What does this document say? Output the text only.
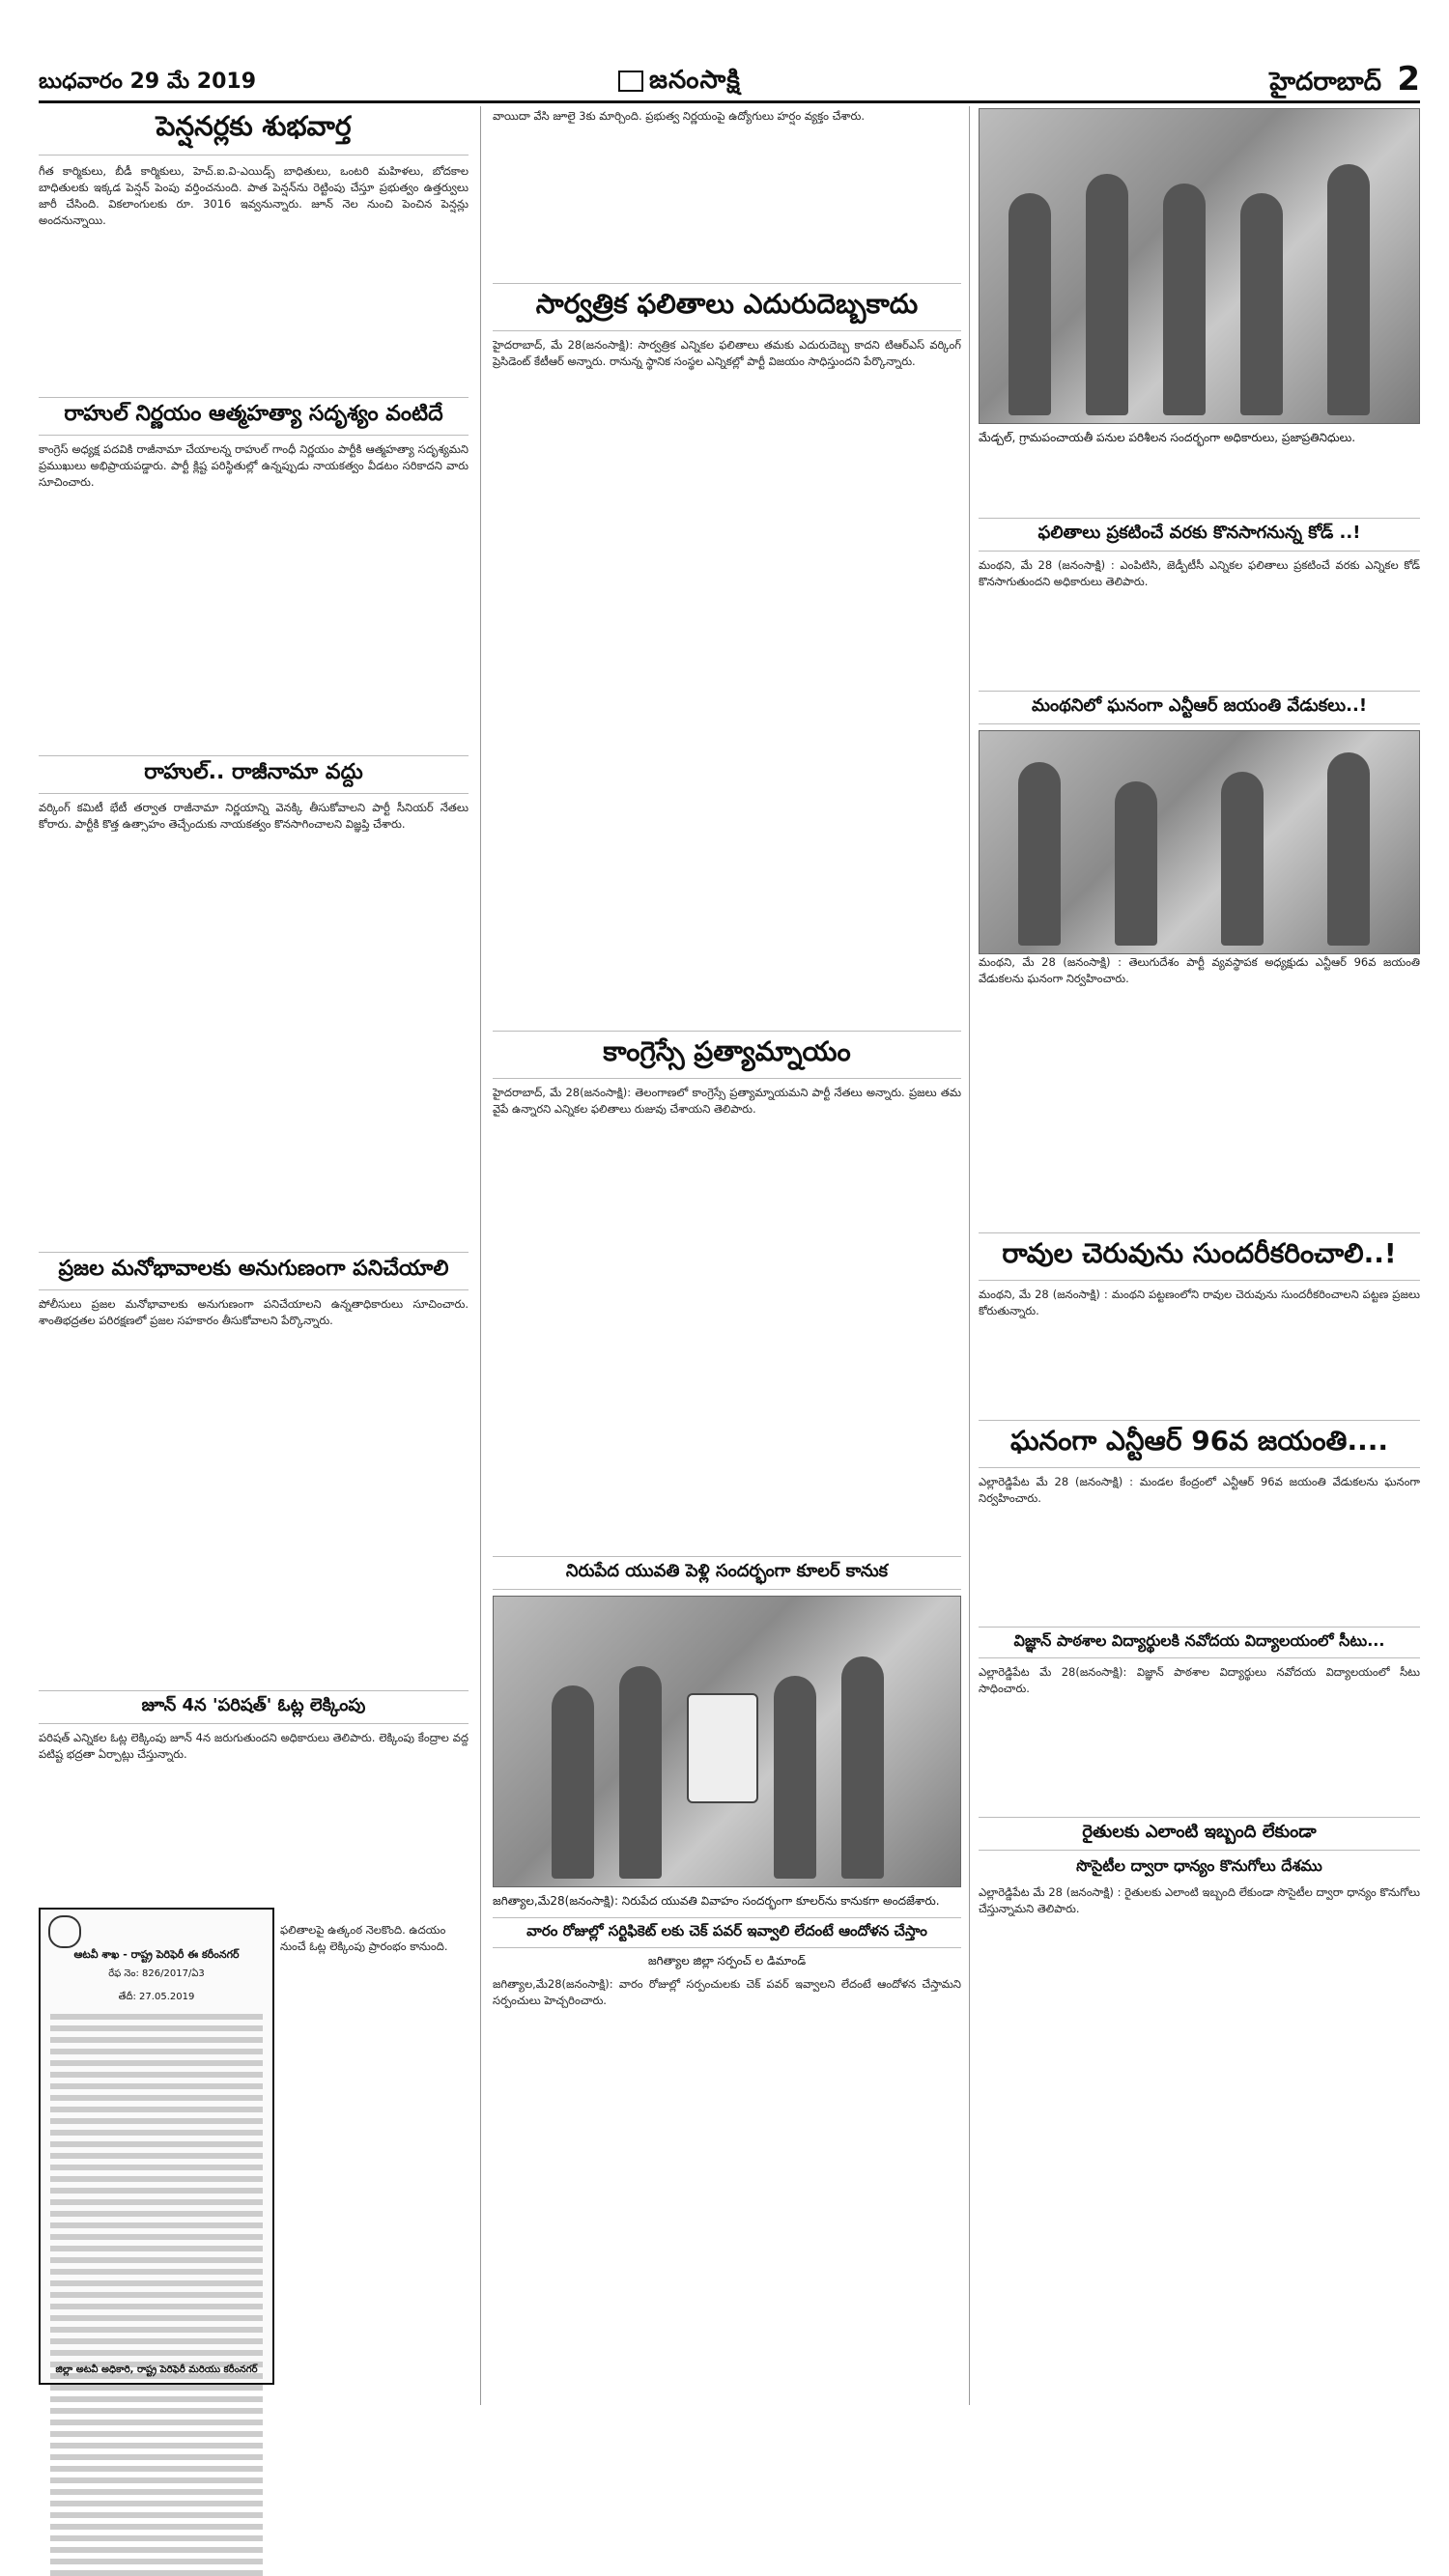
బుధవారం 29 మే 2019	జనంసాక్షి	హైదరాబాద్ 2
పెన్షనర్లకు శుభవార్త

గీత కార్మికులు, బీడీ కార్మికులు, హెచ్.ఐ.వి-ఎయిడ్స్ బాధితులు, ఒంటరి మహిళలు, బోదకాల బాధితులకు ఇక్కడ పెన్షన్ పెంపు వర్తించనుంది. పాత పెన్షన్‌ను రెట్టింపు చేస్తూ ప్రభుత్వం ఉత్తర్వులు జారీ చేసింది. వికలాంగులకు రూ. 3016 ఇవ్వనున్నారు. జూన్ నెల నుంచి పెంచిన పెన్షన్లు అందనున్నాయి.

రాహుల్ నిర్ణయం ఆత్మహత్యా సదృశ్యం వంటిదే

కాంగ్రెస్ అధ్యక్ష పదవికి రాజీనామా చేయాలన్న రాహుల్ గాంధీ నిర్ణయం పార్టీకి ఆత్మహత్యా సదృశ్యమని ప్రముఖులు అభిప్రాయపడ్డారు. పార్టీ క్లిష్ట పరిస్థితుల్లో ఉన్నప్పుడు నాయకత్వం వీడటం సరికాదని వారు సూచించారు.

రాహుల్.. రాజీనామా వద్దు

వర్కింగ్ కమిటీ భేటీ తర్వాత రాజీనామా నిర్ణయాన్ని వెనక్కి తీసుకోవాలని పార్టీ సీనియర్ నేతలు కోరారు. పార్టీకి కొత్త ఉత్సాహం తెచ్చేందుకు నాయకత్వం కొనసాగించాలని విజ్ఞప్తి చేశారు.

ప్రజల మనోభావాలకు అనుగుణంగా పనిచేయాలి

పోలీసులు ప్రజల మనోభావాలకు అనుగుణంగా పనిచేయాలని ఉన్నతాధికారులు సూచించారు. శాంతిభద్రతల పరిరక్షణలో ప్రజల సహకారం తీసుకోవాలని పేర్కొన్నారు.

జూన్ 4న 'పరిషత్' ఓట్ల లెక్కింపు

పరిషత్ ఎన్నికల ఓట్ల లెక్కింపు జూన్ 4న జరుగుతుందని అధికారులు తెలిపారు. లెక్కింపు కేంద్రాల వద్ద పటిష్ట భద్రతా ఏర్పాట్లు చేస్తున్నారు.

ఆటవీ శాఖ - రాష్ట్ర పెరిఫెరీ ఈ కరీంనగర్
రేఫ నెం: 826/2017/ఏ3
తేదీ: 27.05.2019
జిల్లా అటవీ అధికారి, రాష్ట్ర పెరిఫెరీ మరియు కరీంనగర్
ఫలితాలపై ఉత్కంఠ నెలకొంది. ఉదయం నుంచే ఓట్ల లెక్కింపు ప్రారంభం కానుంది.

వాయిదా వేసి జూలై 3కు మార్చింది. ప్రభుత్వ నిర్ణయంపై ఉద్యోగులు హర్షం వ్యక్తం చేశారు.

సార్వత్రిక ఫలితాలు ఎదురుదెబ్బకాదు

హైదరాబాద్, మే 28(జనంసాక్షి): సార్వత్రిక ఎన్నికల ఫలితాలు తమకు ఎదురుదెబ్బ కాదని టిఆర్ఎస్ వర్కింగ్ ప్రెసిడెంట్ కేటీఆర్ అన్నారు. రానున్న స్థానిక సంస్థల ఎన్నికల్లో పార్టీ విజయం సాధిస్తుందని పేర్కొన్నారు.

కాంగ్రెస్సే ప్రత్యామ్నాయం

హైదరాబాద్, మే 28(జనంసాక్షి): తెలంగాణలో కాంగ్రెస్సే ప్రత్యామ్నాయమని పార్టీ నేతలు అన్నారు. ప్రజలు తమ వైపే ఉన్నారని ఎన్నికల ఫలితాలు రుజువు చేశాయని తెలిపారు.

నిరుపేద యువతి పెళ్లి సందర్భంగా కూలర్ కానుక

జగిత్యాల,మే28(జనంసాక్షి): నిరుపేద యువతి వివాహం సందర్భంగా కూలర్‌ను కానుకగా అందజేశారు.

వారం రోజుల్లో సర్టిఫికెట్ లకు చెక్ పవర్ ఇవ్వాలి లేదంటే ఆందోళన చేస్తాం
జగిత్యాల జిల్లా సర్పంచ్ ల డిమాండ్

జగిత్యాల,మే28(జనంసాక్షి): వారం రోజుల్లో సర్పంచులకు చెక్ పవర్ ఇవ్వాలని లేదంటే ఆందోళన చేస్తామని సర్పంచులు హెచ్చరించారు.

మేడ్చల్, గ్రామపంచాయతీ పనుల పరిశీలన సందర్భంగా అధికారులు, ప్రజాప్రతినిధులు.

ఫలితాలు ప్రకటించే వరకు కొనసాగనున్న కోడ్ ..!

మంథని, మే 28 (జనంసాక్షి) : ఎంపిటిసి, జెడ్పీటీసీ ఎన్నికల ఫలితాలు ప్రకటించే వరకు ఎన్నికల కోడ్ కొనసాగుతుందని అధికారులు తెలిపారు.

మంథనిలో ఘనంగా ఎన్టీఆర్ జయంతి వేడుకలు..!

మంథని, మే 28 (జనంసాక్షి) : తెలుగుదేశం పార్టీ వ్యవస్థాపక అధ్యక్షుడు ఎన్టీఆర్ 96వ జయంతి వేడుకలను ఘనంగా నిర్వహించారు.

రావుల చెరువును సుందరీకరించాలి..!

మంథని, మే 28 (జనంసాక్షి) : మంథని పట్టణంలోని రావుల చెరువును సుందరీకరించాలని పట్టణ ప్రజలు కోరుతున్నారు.

ఘనంగా ఎన్టీఆర్ 96వ జయంతి....

ఎల్లారెడ్డిపేట మే 28 (జనంసాక్షి) : మండల కేంద్రంలో ఎన్టీఆర్ 96వ జయంతి వేడుకలను ఘనంగా నిర్వహించారు.

విజ్ఞాన్ పాఠశాల విద్యార్థులకి నవోదయ విద్యాలయంలో సీటు...

ఎల్లారెడ్డిపేట మే 28(జనంసాక్షి): విజ్ఞాన్ పాఠశాల విద్యార్థులు నవోదయ విద్యాలయంలో సీటు సాధించారు.

రైతులకు ఎలాంటి ఇబ్బంది లేకుండా
సొసైటీల ద్వారా ధాన్యం కొనుగోలు దేశము

ఎల్లారెడ్డిపేట మే 28 (జనంసాక్షి) : రైతులకు ఎలాంటి ఇబ్బంది లేకుండా సొసైటీల ద్వారా ధాన్యం కొనుగోలు చేస్తున్నామని తెలిపారు.
